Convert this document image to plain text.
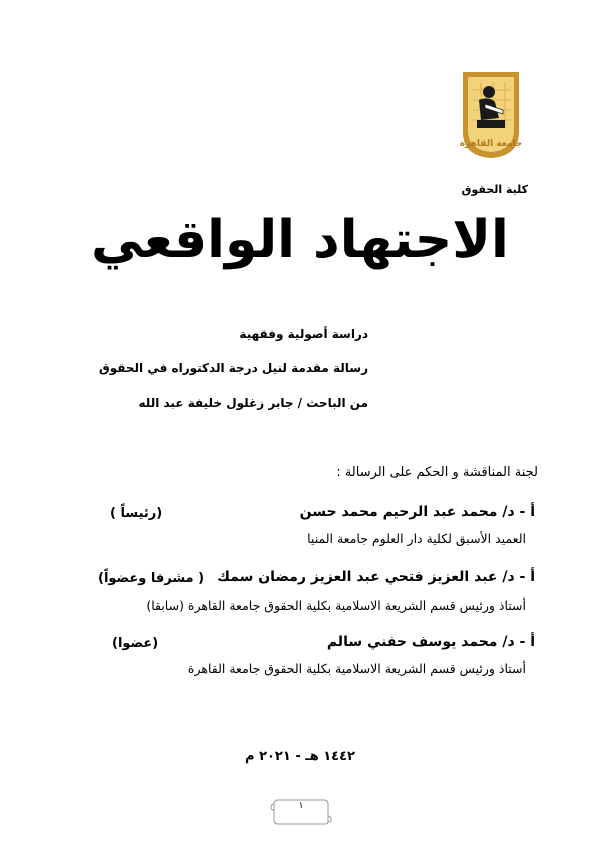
جامعة القاهرة
كلية الحقوق
الاجتهاد الواقعي
دراسة أصولية وفقهية
رسالة مقدمة لنيل درجة الدكتوراه في الحقوق
من الباحث / جابر زغلول خليفة عبد الله
لجنة المناقشة و الحكم على الرسالة :
أ - د/ محمد عبد الرحيم محمد حسن
(رئيساً )
العميد الأسبق لكلية دار العلوم جامعة المنيا
أ - د/ عبد العزيز فتحي عبد العزيز رمضان سمك
( مشرفا وعضواً)
أستاذ ورئيس قسم الشريعة الاسلامية بكلية الحقوق جامعة القاهرة (سابقا)
أ - د/ محمد يوسف حفني سالم
(عضوا)
أستاذ ورئيس قسم الشريعة الاسلامية بكلية الحقوق جامعة القاهرة
١٤٤٢ هـ - ٢٠٢١ م
١
